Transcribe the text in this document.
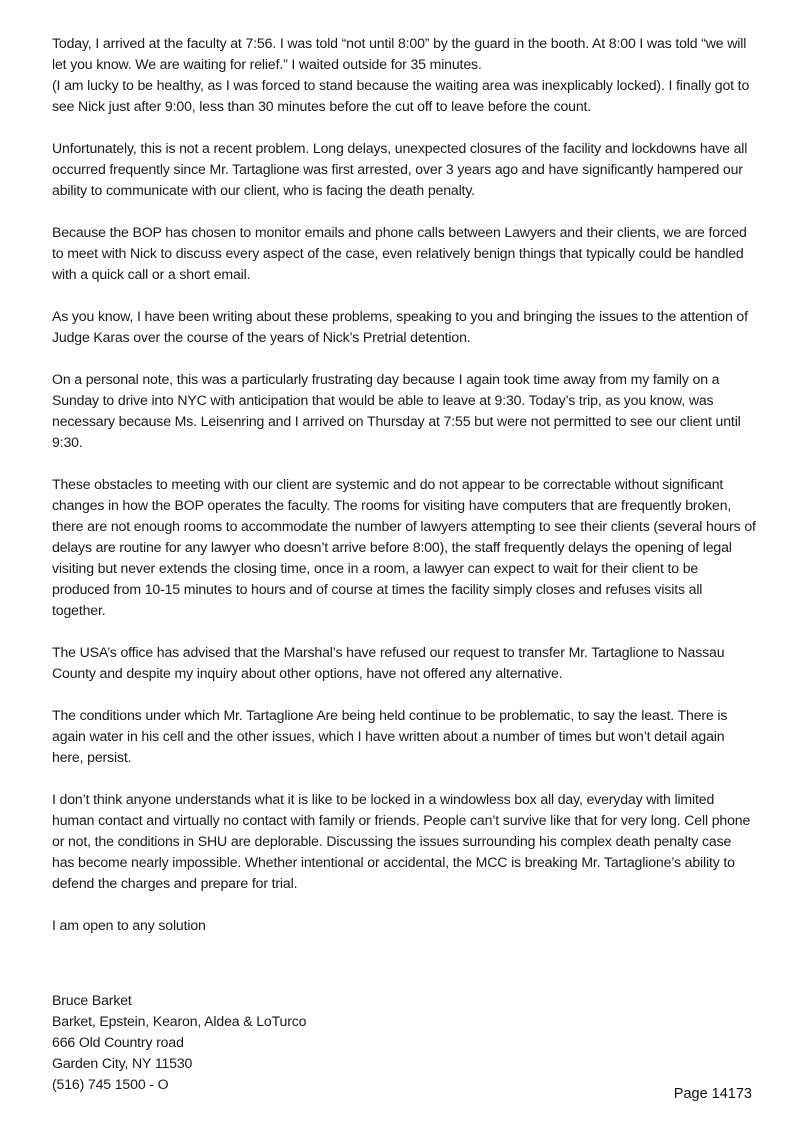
Today, I arrived at the faculty at 7:56. I was told “not until 8:00” by the guard in the booth. At 8:00 I was told “we will let you know. We are waiting for relief.” I waited outside for 35 minutes.
(I am lucky to be healthy, as I was forced to stand because the waiting area was inexplicably locked). I finally got to see Nick just after 9:00, less than 30 minutes before the cut off to leave before the count.

Unfortunately, this is not a recent problem. Long delays, unexpected closures of the facility and lockdowns have all occurred frequently since Mr. Tartaglione was first arrested, over 3 years ago and have significantly hampered our ability to communicate with our client, who is facing the death penalty.

Because the BOP has chosen to monitor emails and phone calls between Lawyers and their clients, we are forced to meet with Nick to discuss every aspect of the case, even relatively benign things that typically could be handled with a quick call or a short email.

As you know, I have been writing about these problems, speaking to you and bringing the issues to the attention of Judge Karas over the course of the years of Nick’s Pretrial detention.

On a personal note, this was a particularly frustrating day because I again took time away from my family on a Sunday to drive into NYC with anticipation that would be able to leave at 9:30. Today’s trip, as you know, was necessary because Ms. Leisenring and I arrived on Thursday at 7:55 but were not permitted to see our client until 9:30.

These obstacles to meeting with our client are systemic and do not appear to be correctable without significant changes in how the BOP operates the faculty. The rooms for visiting have computers that are frequently broken, there are not enough rooms to accommodate the number of lawyers attempting to see their clients (several hours of delays are routine for any lawyer who doesn’t arrive before 8:00), the staff frequently delays the opening of legal visiting but never extends the closing time, once in a room, a lawyer can expect to wait for their client to be produced from 10-15 minutes to hours and of course at times the facility simply closes and refuses visits all together.

The USA’s office has advised that the Marshal’s have refused our request to transfer Mr. Tartaglione to Nassau County and despite my inquiry about other options, have not offered any alternative.

The conditions under which Mr. Tartaglione Are being held continue to be problematic, to say the least. There is again water in his cell and the other issues, which I have written about a number of times but won’t detail again here, persist.

I don’t think anyone understands what it is like to be locked in a windowless box all day, everyday with limited human contact and virtually no contact with family or friends. People can’t survive like that for very long. Cell phone or not, the conditions in SHU are deplorable. Discussing the issues surrounding his complex death penalty case has become nearly impossible. Whether intentional or accidental, the MCC is breaking Mr. Tartaglione’s ability to defend the charges and prepare for trial.

I am open to any solution

Bruce Barket
Barket, Epstein, Kearon, Aldea & LoTurco
666 Old Country road
Garden City, NY 11530
(516) 745 1500 - O
Page 14173
